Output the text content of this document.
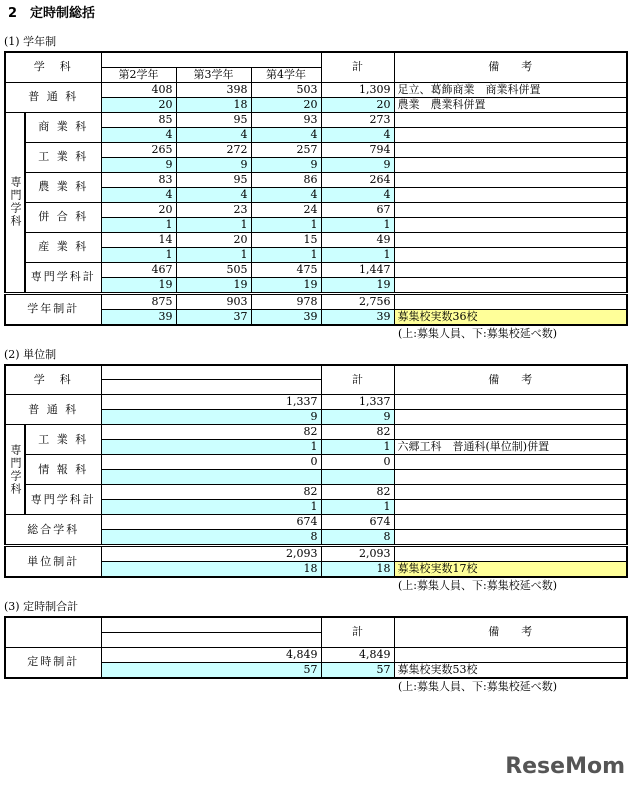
2　定時制総括
(1) 学年制
学　科					計	備　　考
		第2学年	第3学年	第4学年		
普 通 科		408	398	503	1,309	足立、葛飾商業　商業科併置
		20	18	20	20	農業　農業科併置
専門学科	商 業 科	85	95	93	273	
		4	4	4	4	
	工 業 科	265	272	257	794	
		9	9	9	9	
	農 業 科	83	95	86	264	
		4	4	4	4	
	併 合 科	20	23	24	67	
		1	1	1	1	
	産 業 科	14	20	15	49	
		1	1	1	1	
	専門学科計	467	505	475	1,447	
		19	19	19	19	
学年制計		875	903	978	2,756	
		39	37	39	39	募集校実数36校
(上:募集人員、下:募集校延べ数)
(2) 単位制
学　科			計	備　　考

普 通 科		1,337	1,337	
		9	9	
専門学科	工 業 科	82	82	
		1	1	六郷工科　普通科(単位制)併置
	情 報 科	0	0	

	専門学科計	82	82	
		1	1	
総合学科		674	674	
		8	8	
単位制計		2,093	2,093	
		18	18	募集校実数17校
(上:募集人員、下:募集校延べ数)
(3) 定時制合計
		計	備　　考

定時制計	4,849	4,849	
	57	57	募集校実数53校
(上:募集人員、下:募集校延べ数)
ReseMom
